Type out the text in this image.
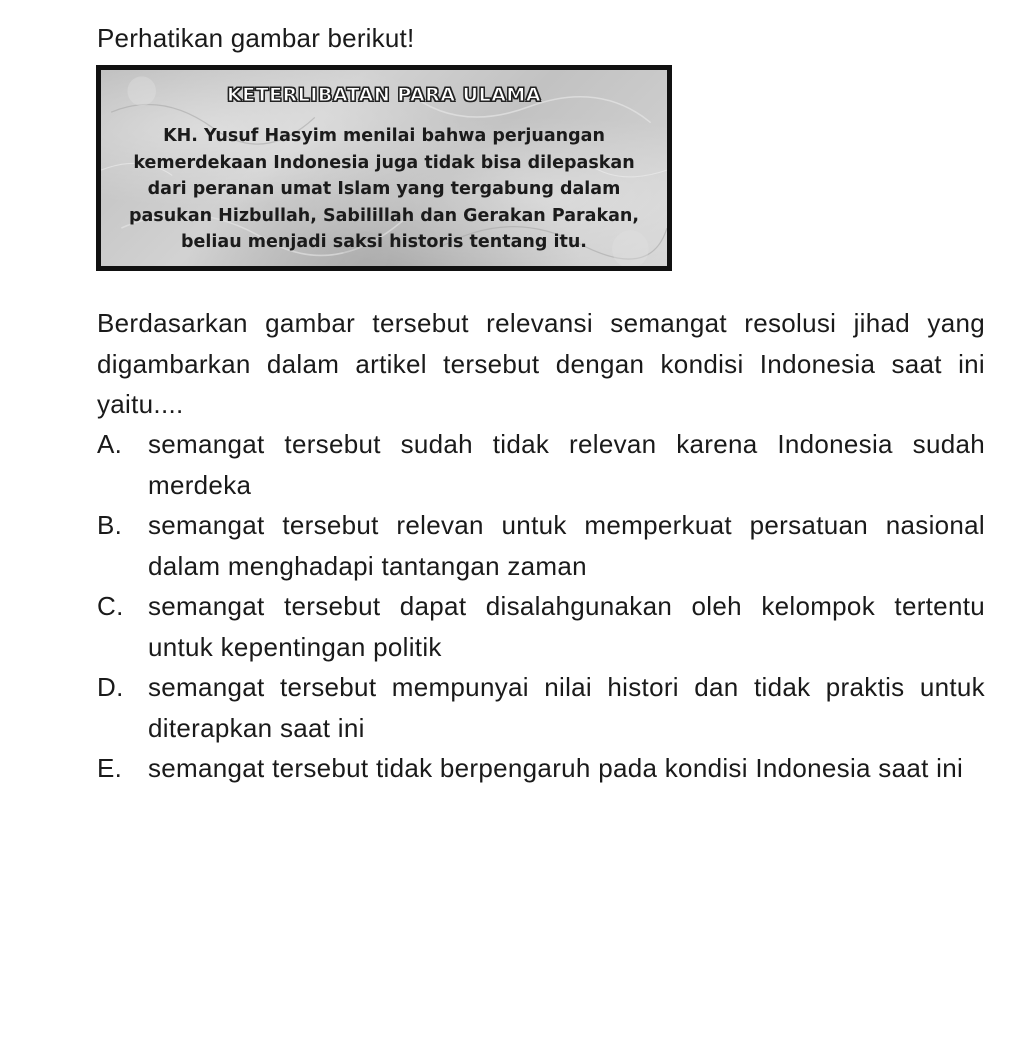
Perhatikan gambar berikut!
KETERLIBATAN PARA ULAMA
KH. Yusuf Hasyim menilai bahwa perjuangan
kemerdekaan Indonesia juga tidak bisa dilepaskan
dari peranan umat Islam yang tergabung dalam
pasukan Hizbullah, Sabilillah dan Gerakan Parakan,
beliau menjadi saksi historis tentang itu.
Berdasarkan gambar tersebut relevansi semangat resolusi jihad yang digambarkan dalam artikel tersebut dengan kondisi Indonesia saat ini yaitu....
A. semangat tersebut sudah tidak relevan karena Indonesia sudah merdeka
B. semangat tersebut relevan untuk memperkuat persatuan nasional dalam menghadapi tantangan zaman
C. semangat tersebut dapat disalahgunakan oleh kelompok tertentu untuk kepentingan politik
D. semangat tersebut mempunyai nilai histori dan tidak praktis untuk diterapkan saat ini
E. semangat tersebut tidak berpengaruh pada kondisi Indonesia saat ini
